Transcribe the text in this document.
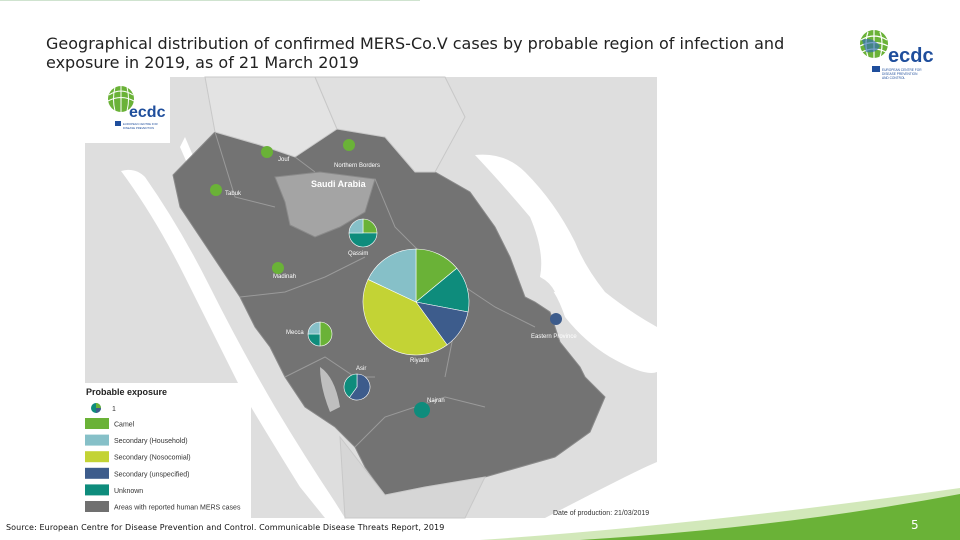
Geographical distribution of confirmed MERS-Co.V cases by probable region of infection and exposure in 2019, as of 21 March 2019	ecdc
EUROPEAN CENTRE FOR
DISEASE PREVENTION
AND CONTROL
Saudi Arabia
Jouf
Northern Borders
Tabuk
Qassim
Madinah
Riyadh
Eastern Province
Mecca
Asir
Najran
ecdc
EUROPEAN CENTRE FOR
DISEASE PREVENTION
Probable exposure
1
Camel
Secondary (Household)
Secondary (Nosocomial)
Secondary (unspecified)
Unknown
Areas with reported human MERS cases
Date of production: 21/03/2019
Source: European Centre for Disease Prevention and Control. Communicable Disease Threats Report, 2019	5
